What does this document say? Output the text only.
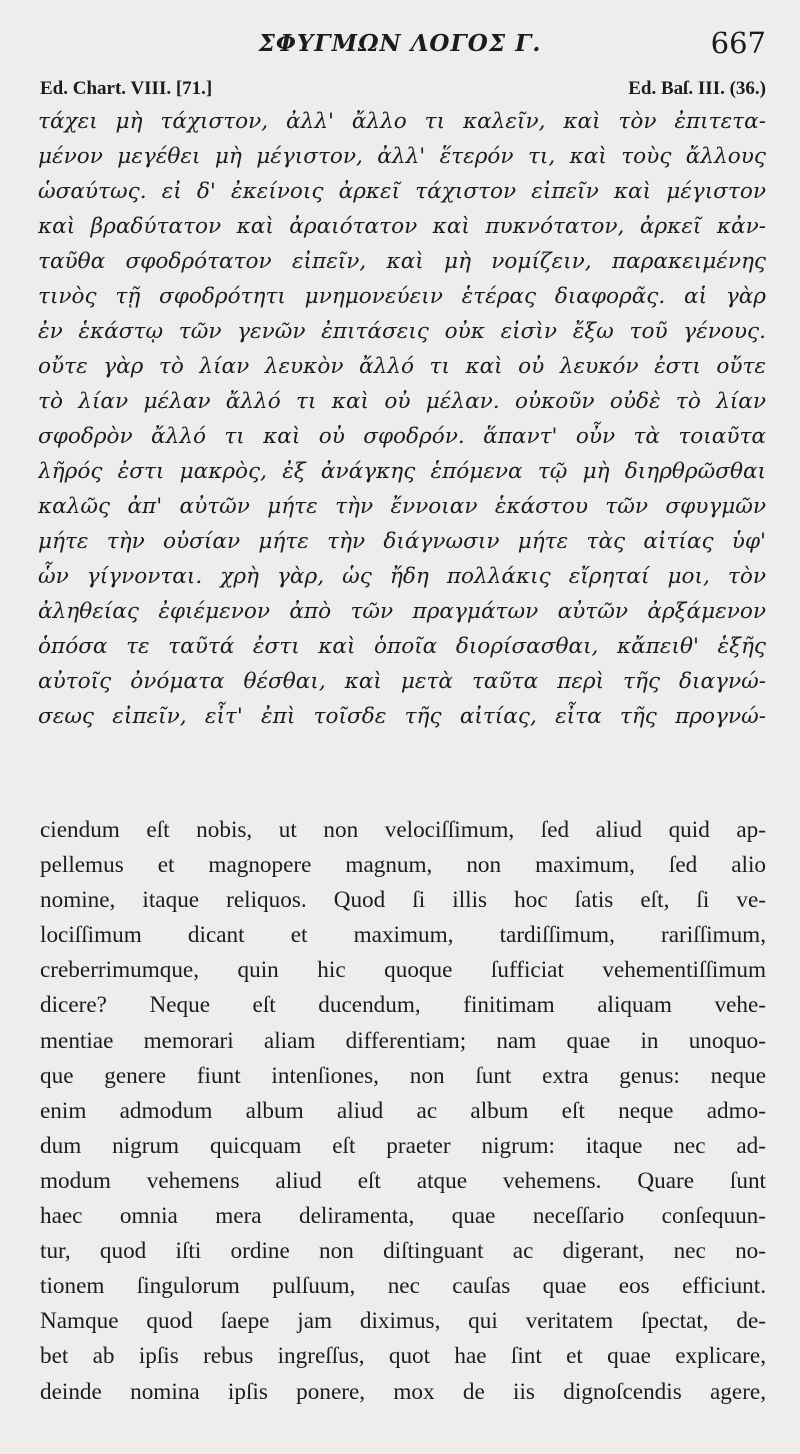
ΣΦΥΓΜΩΝ ΛΟΓΟΣ Γ.	667
Ed. Chart. VIII. [71.]	Ed. Baſ. III. (36.)
τάχει μὴ τάχιστον, ἀλλ' ἄλλο τι καλεῖν, καὶ τὸν ἐπιτετα-
μένον μεγέθει μὴ μέγιστον, ἀλλ' ἕτερόν τι, καὶ τοὺς ἄλλους
ὡσαύτως. εἰ δ' ἐκείνοις ἀρκεῖ τάχιστον εἰπεῖν καὶ μέγιστον
καὶ βραδύτατον καὶ ἀραιότατον καὶ πυκνότατον, ἀρκεῖ κἀν-
ταῦθα σφοδρότατον εἰπεῖν, καὶ μὴ νομίζειν, παρακειμένης
τινὸς τῇ σφοδρότητι μνημονεύειν ἑτέρας διαφορᾶς. αἱ γὰρ
ἐν ἑκάστῳ τῶν γενῶν ἐπιτάσεις οὐκ εἰσὶν ἔξω τοῦ γένους.
οὔτε γὰρ τὸ λίαν λευκὸν ἄλλό τι καὶ οὐ λευκόν ἐστι οὔτε
τὸ λίαν μέλαν ἄλλό τι καὶ οὐ μέλαν. οὐκοῦν οὐδὲ τὸ λίαν
σφοδρὸν ἄλλό τι καὶ οὐ σφοδρόν. ἅπαντ' οὖν τὰ τοιαῦτα
λῆρός ἐστι μακρὸς, ἐξ ἀνάγκης ἑπόμενα τῷ μὴ διηρθρῶσθαι
καλῶς ἀπ' αὐτῶν μήτε τὴν ἔννοιαν ἑκάστου τῶν σφυγμῶν
μήτε τὴν οὐσίαν μήτε τὴν διάγνωσιν μήτε τὰς αἰτίας ὑφ'
ὧν γίγνονται. χρὴ γὰρ, ὡς ἤδη πολλάκις εἴρηταί μοι, τὸν
ἀληθείας ἐφιέμενον ἀπὸ τῶν πραγμάτων αὐτῶν ἀρξάμενον
ὁπόσα τε ταῦτά ἐστι καὶ ὁποῖα διορίσασθαι, κἄπειθ' ἑξῆς
αὐτοῖς ὀνόματα θέσθαι, καὶ μετὰ ταῦτα περὶ τῆς διαγνώ-
σεως εἰπεῖν, εἶτ' ἐπὶ τοῖσδε τῆς αἰτίας, εἶτα τῆς προγνώ-
ciendum eſt nobis, ut non velociſſimum, ſed aliud quid ap-
pellemus et magnopere magnum, non maximum, ſed alio
nomine, itaque reliquos. Quod ſi illis hoc ſatis eſt, ſi ve-
lociſſimum dicant et maximum, tardiſſimum, rariſſimum,
creberrimumque, quin hic quoque ſufficiat vehementiſſimum
dicere? Neque eſt ducendum, finitimam aliquam vehe-
mentiae memorari aliam differentiam; nam quae in unoquo-
que genere fiunt intenſiones, non ſunt extra genus: neque
enim admodum album aliud ac album eſt neque admo-
dum nigrum quicquam eſt praeter nigrum: itaque nec ad-
modum vehemens aliud eſt atque vehemens. Quare ſunt
haec omnia mera deliramenta, quae neceſſario conſequun-
tur, quod iſti ordine non diſtinguant ac digerant, nec no-
tionem ſingulorum pulſuum, nec cauſas quae eos efficiunt.
Namque quod ſaepe jam diximus, qui veritatem ſpectat, de-
bet ab ipſis rebus ingreſſus, quot hae ſint et quae explicare,
deinde nomina ipſis ponere, mox de iis dignoſcendis agere,
